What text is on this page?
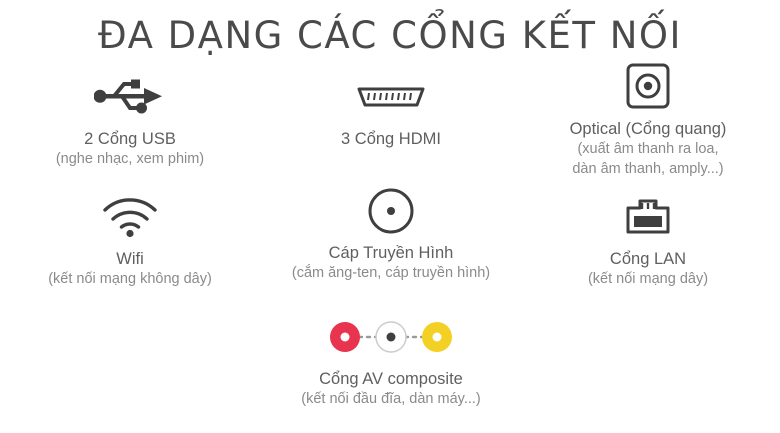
ĐA DẠNG CÁC CỔNG KẾT NỐI
2 Cổng USB
(nghe nhạc, xem phim)
3 Cổng HDMI
Optical (Cổng quang)
(xuất âm thanh ra loa,
dàn âm thanh, amply...)
Wifi
(kết nối mạng không dây)
Cáp Truyền Hình
(cắm ăng-ten, cáp truyền hình)
Cổng LAN
(kết nối mạng dây)
Cổng AV composite
(kết nối đầu đĩa, dàn máy...)
